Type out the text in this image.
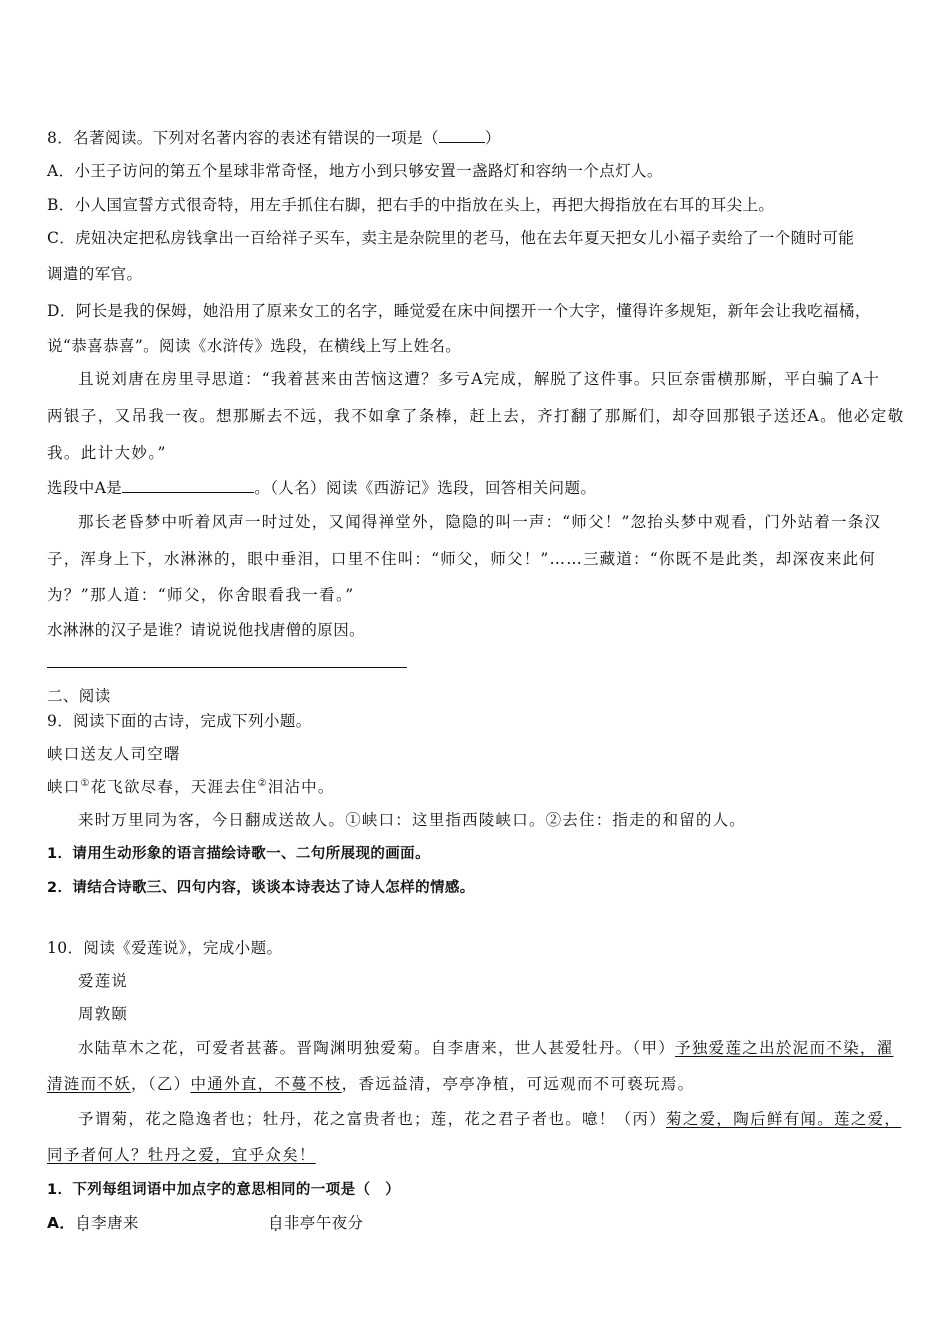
8．名著阅读。下列对名著内容的表述有错误的一项是（	）
A．小王子访问的第五个星球非常奇怪，地方小到只够安置一盏路灯和容纳一个点灯人。
B．小人国宣誓方式很奇特，用左手抓住右脚，把右手的中指放在头上，再把大拇指放在右耳的耳尖上。
C．虎妞决定把私房钱拿出一百给祥子买车，卖主是杂院里的老马，他在去年夏天把女儿小福子卖给了一个随时可能
调遣的军官。
D．阿长是我的保姆，她沿用了原来女工的名字，睡觉爱在床中间摆开一个大字，懂得许多规矩，新年会让我吃福橘，
说“恭喜恭喜”。阅读《水浒传》选段，在横线上写上姓名。
且说刘唐在房里寻思道：“我着甚来由苦恼这遭？多亏A完成，解脱了这件事。只叵奈雷横那厮，平白骗了A十
两银子，又吊我一夜。想那厮去不远，我不如拿了条棒，赶上去，齐打翻了那厮们，却夺回那银子送还A。他必定敬
我。此计大妙。”
选段中A是	。（人名）阅读《西游记》选段，回答相关问题。
那长老昏梦中听着风声一时过处，又闻得禅堂外，隐隐的叫一声：“师父！”忽抬头梦中观看，门外站着一条汉
子，浑身上下，水淋淋的，眼中垂泪，口里不住叫：“师父，师父！”……三藏道：“你既不是此类，却深夜来此何
为？”那人道：“师父，你舍眼看我一看。”
水淋淋的汉子是谁？请说说他找唐僧的原因。
二、阅读
9．阅读下面的古诗，完成下列小题。
峡口送友人司空曙
峡口①花飞欲尽春，天涯去住②泪沾中。
来时万里同为客，今日翻成送故人。①峡口：这里指西陵峡口。②去住：指走的和留的人。
1．请用生动形象的语言描绘诗歌一、二句所展现的画面。
2．请结合诗歌三、四句内容，谈谈本诗表达了诗人怎样的情感。
10．阅读《爱莲说》，完成小题。
爱莲说
周敦颐
水陆草木之花，可爱者甚蕃。晋陶渊明独爱菊。自李唐来，世人甚爱牡丹。（甲）予独爱莲之出於泥而不染，濯
清涟而不妖，（乙）中通外直，不蔓不枝，香远益清，亭亭净植，可远观而不可亵玩焉。
予谓菊，花之隐逸者也；牡丹，花之富贵者也；莲，花之君子者也。噫！（丙）菊之爱，陶后鲜有闻。莲之爱，
同予者何人？牡丹之爱，宜乎众矣！
1．下列每组词语中加点字的意思相同的一项是（　）
A．自李唐来	自非亭午夜分
